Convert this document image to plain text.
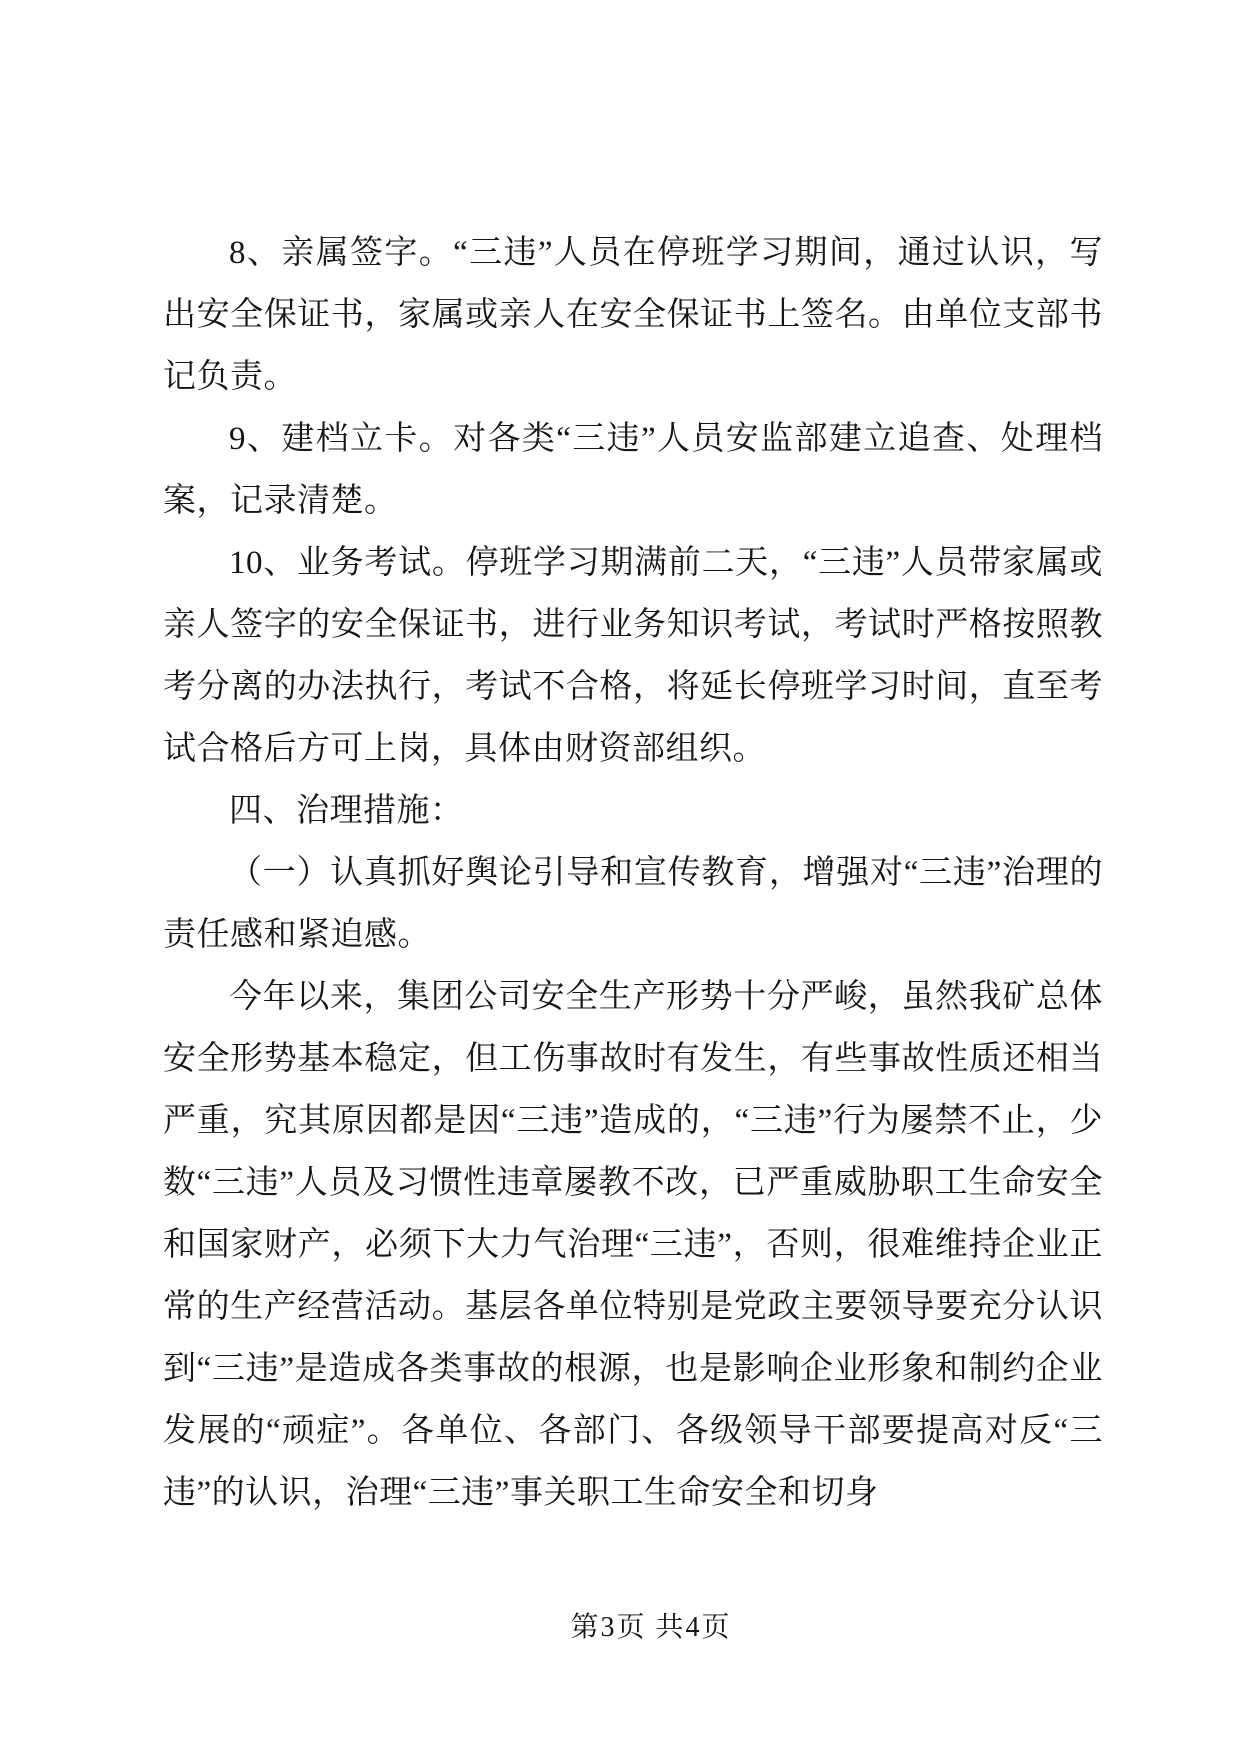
8、亲属签字。“三违”人员在停班学习期间，通过认识，写出安全保证书，家属或亲人在安全保证书上签名。由单位支部书记负责。

9、建档立卡。对各类“三违”人员安监部建立追查、处理档案，记录清楚。

10、业务考试。停班学习期满前二天，“三违”人员带家属或亲人签字的安全保证书，进行业务知识考试，考试时严格按照教考分离的办法执行，考试不合格，将延长停班学习时间，直至考试合格后方可上岗，具体由财资部组织。

四、治理措施：

（一）认真抓好舆论引导和宣传教育，增强对“三违”治理的责任感和紧迫感。

今年以来，集团公司安全生产形势十分严峻，虽然我矿总体安全形势基本稳定，但工伤事故时有发生，有些事故性质还相当严重，究其原因都是因“三违”造成的，“三违”行为屡禁不止，少数“三违”人员及习惯性违章屡教不改，已严重威胁职工生命安全和国家财产，必须下大力气治理“三违”，否则，很难维持企业正常的生产经营活动。基层各单位特别是党政主要领导要充分认识到“三违”是造成各类事故的根源，也是影响企业形象和制约企业发展的“顽症”。各单位、各部门、各级领导干部要提高对反“三违”的认识，治理“三违”事关职工生命安全和切身

第3页 共4页
